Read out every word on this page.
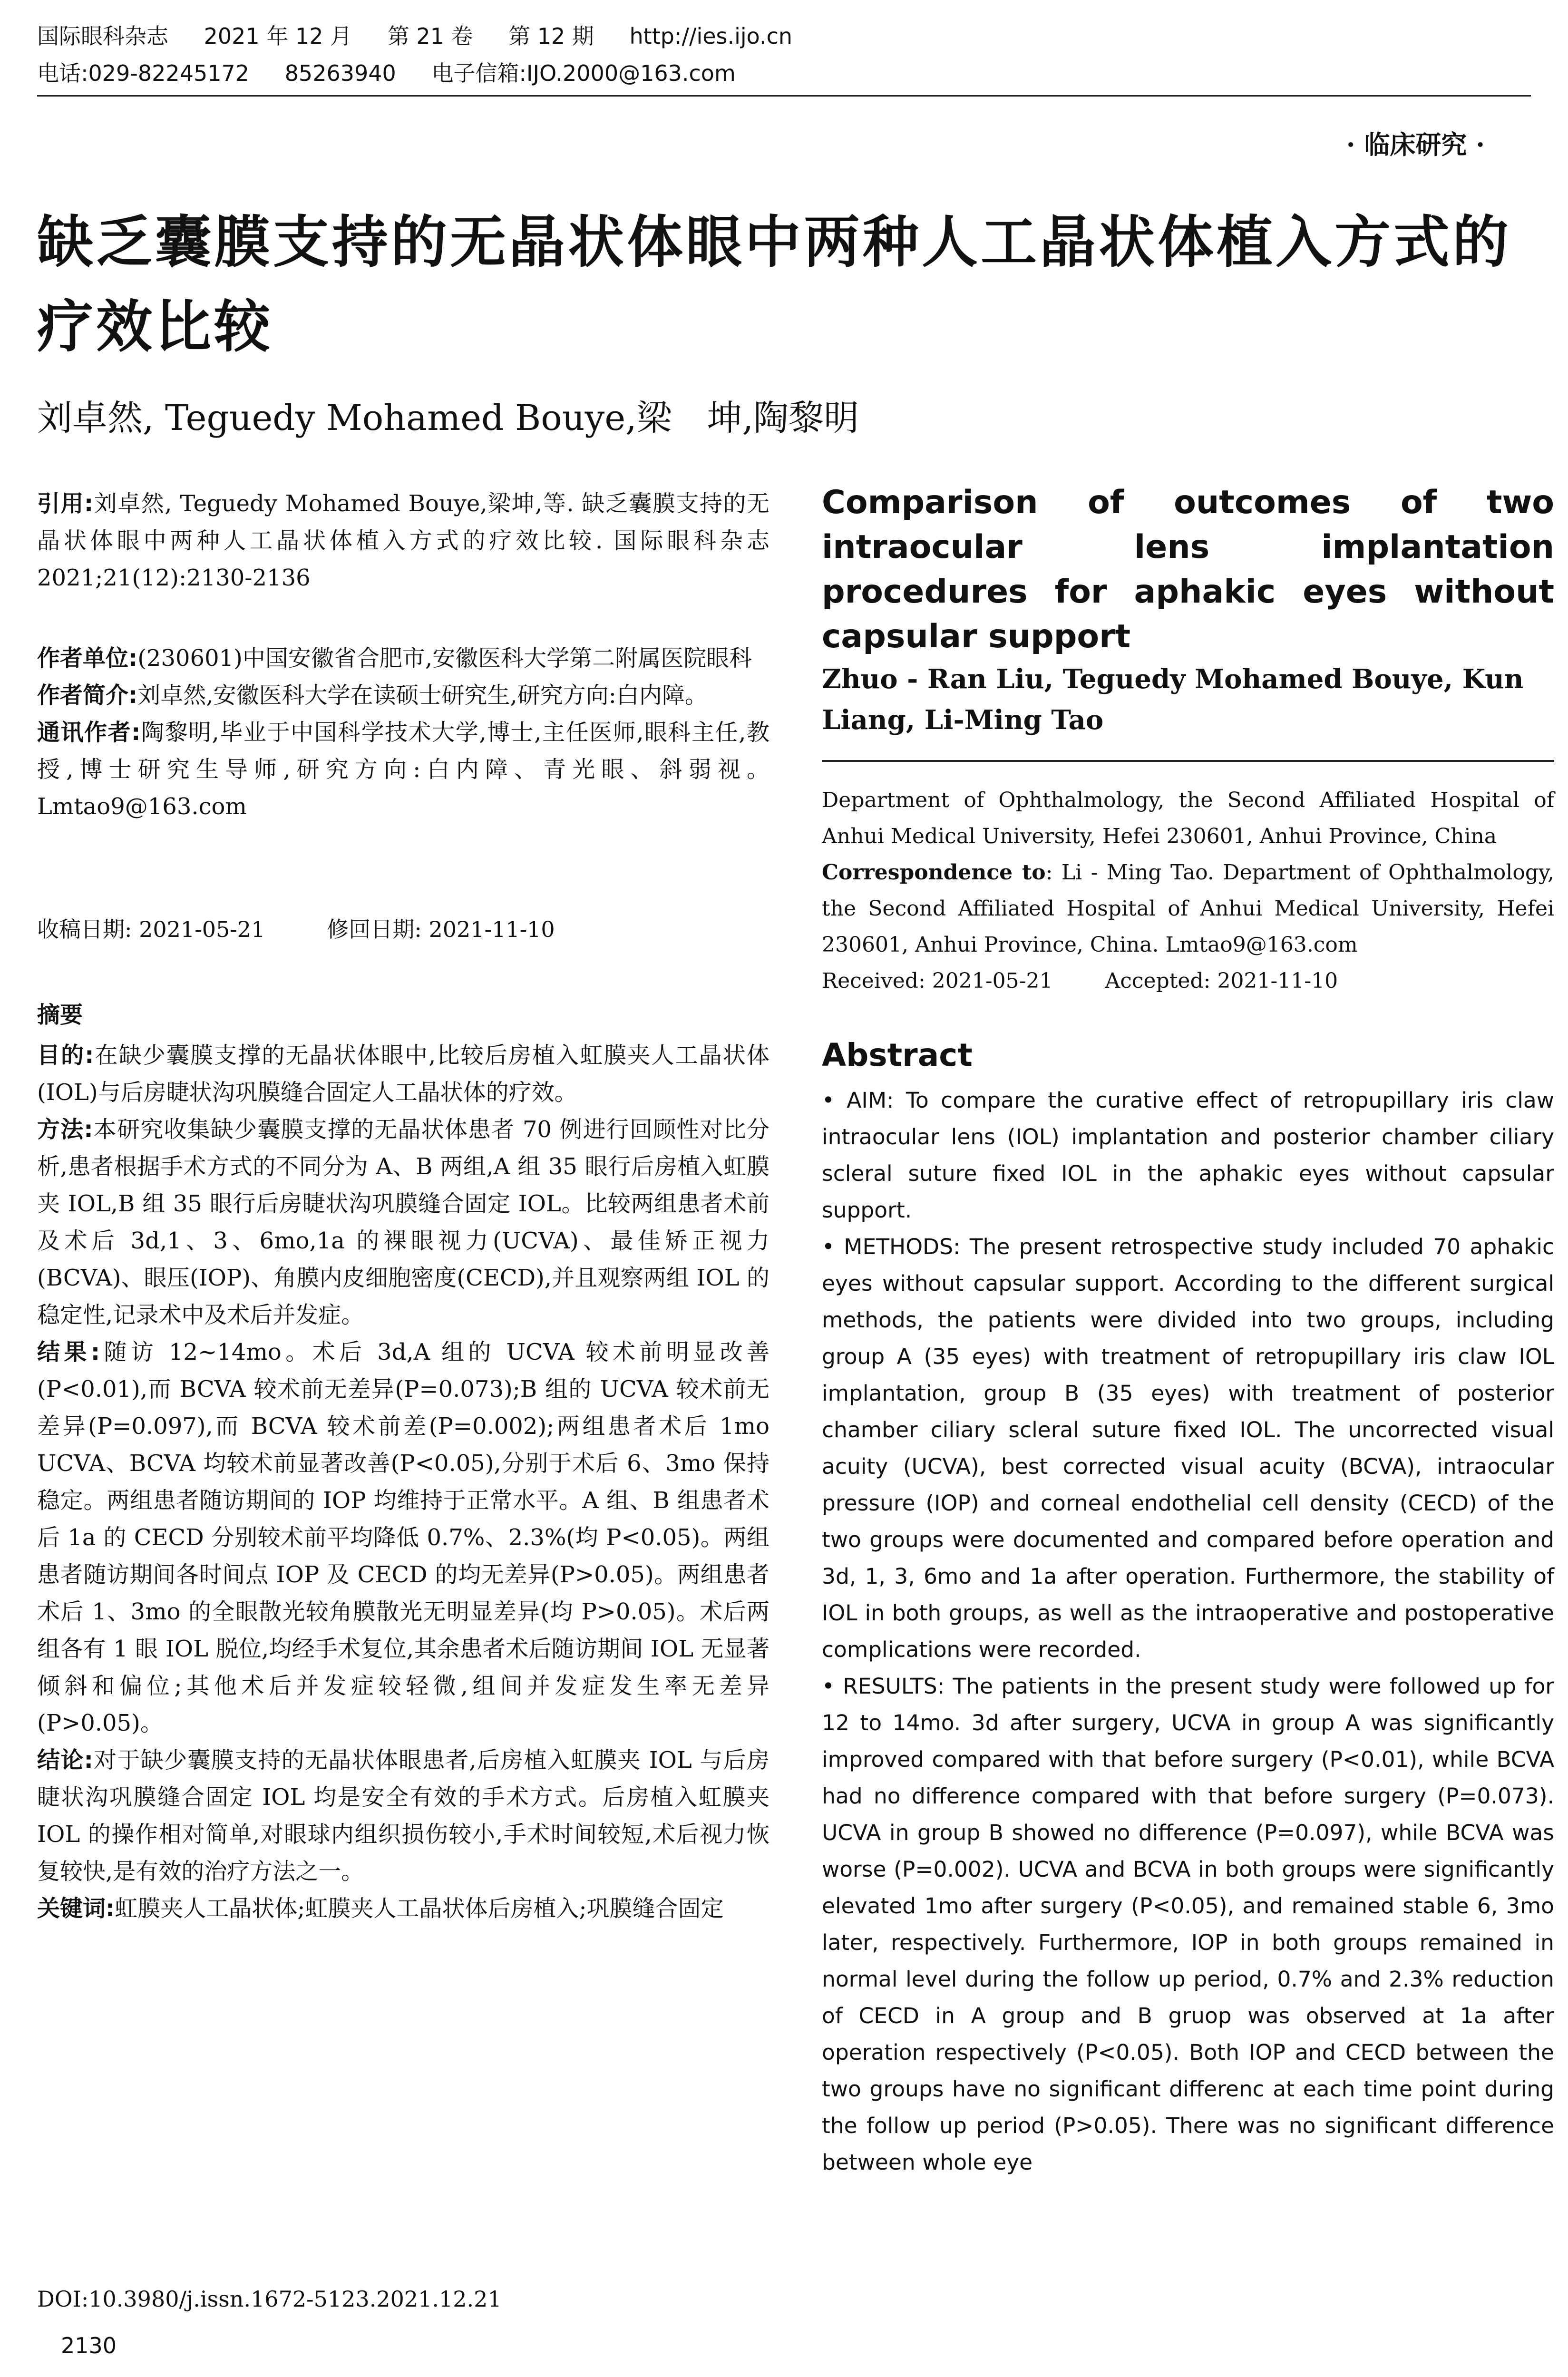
国际眼科杂志 2021 年 12 月 第 21 卷 第 12 期 http://ies.ijo.cn
电话:029-82245172 85263940 电子信箱:IJO.2000@163.com
· 临床研究 ·
缺乏囊膜支持的无晶状体眼中两种人工晶状体植入方式的疗效比较
刘卓然, Teguedy Mohamed Bouye,梁　坤,陶黎明
引用:刘卓然, Teguedy Mohamed Bouye,梁坤,等. 缺乏囊膜支持的无晶状体眼中两种人工晶状体植入方式的疗效比较. 国际眼科杂志 2021;21(12):2130-2136
作者单位:(230601)中国安徽省合肥市,安徽医科大学第二附属医院眼科
作者简介:刘卓然,安徽医科大学在读硕士研究生,研究方向:白内障。
通讯作者:陶黎明,毕业于中国科学技术大学,博士,主任医师,眼科主任,教授,博士研究生导师,研究方向:白内障、青光眼、斜弱视。Lmtao9@163.com
收稿日期: 2021-05-21	修回日期: 2021-11-10
摘要

目的:在缺少囊膜支撑的无晶状体眼中,比较后房植入虹膜夹人工晶状体(IOL)与后房睫状沟巩膜缝合固定人工晶状体的疗效。

方法:本研究收集缺少囊膜支撑的无晶状体患者 70 例进行回顾性对比分析,患者根据手术方式的不同分为 A、B 两组,A 组 35 眼行后房植入虹膜夹 IOL,B 组 35 眼行后房睫状沟巩膜缝合固定 IOL。比较两组患者术前及术后 3d,1、3、6mo,1a 的裸眼视力(UCVA)、最佳矫正视力(BCVA)、眼压(IOP)、角膜内皮细胞密度(CECD),并且观察两组 IOL 的稳定性,记录术中及术后并发症。

结果:随访 12~14mo。术后 3d,A 组的 UCVA 较术前明显改善(P<0.01),而 BCVA 较术前无差异(P=0.073);B 组的 UCVA 较术前无差异(P=0.097),而 BCVA 较术前差(P=0.002);两组患者术后 1mo UCVA、BCVA 均较术前显著改善(P<0.05),分别于术后 6、3mo 保持稳定。两组患者随访期间的 IOP 均维持于正常水平。A 组、B 组患者术后 1a 的 CECD 分别较术前平均降低 0.7%、2.3%(均 P<0.05)。两组患者随访期间各时间点 IOP 及 CECD 的均无差异(P>0.05)。两组患者术后 1、3mo 的全眼散光较角膜散光无明显差异(均 P>0.05)。术后两组各有 1 眼 IOL 脱位,均经手术复位,其余患者术后随访期间 IOL 无显著倾斜和偏位;其他术后并发症较轻微,组间并发症发生率无差异(P>0.05)。

结论:对于缺少囊膜支持的无晶状体眼患者,后房植入虹膜夹 IOL 与后房睫状沟巩膜缝合固定 IOL 均是安全有效的手术方式。后房植入虹膜夹 IOL 的操作相对简单,对眼球内组织损伤较小,手术时间较短,术后视力恢复较快,是有效的治疗方法之一。

关键词:虹膜夹人工晶状体;虹膜夹人工晶状体后房植入;巩膜缝合固定

DOI:10.3980/j.issn.1672-5123.2021.12.21
Comparison of outcomes of two intraocular lens implantation procedures for aphakic eyes without capsular support
Zhuo - Ran Liu, Teguedy Mohamed Bouye, Kun Liang, Li-Ming Tao
Department of Ophthalmology, the Second Affiliated Hospital of Anhui Medical University, Hefei 230601, Anhui Province, China
Correspondence to: Li - Ming Tao. Department of Ophthalmology, the Second Affiliated Hospital of Anhui Medical University, Hefei 230601, Anhui Province, China. Lmtao9@163.com
Received: 2021-05-21	Accepted: 2021-11-10
Abstract

• AIM: To compare the curative effect of retropupillary iris claw intraocular lens (IOL) implantation and posterior chamber ciliary scleral suture fixed IOL in the aphakic eyes without capsular support.

• METHODS: The present retrospective study included 70 aphakic eyes without capsular support. According to the different surgical methods, the patients were divided into two groups, including group A (35 eyes) with treatment of retropupillary iris claw IOL implantation, group B (35 eyes) with treatment of posterior chamber ciliary scleral suture fixed IOL. The uncorrected visual acuity (UCVA), best corrected visual acuity (BCVA), intraocular pressure (IOP) and corneal endothelial cell density (CECD) of the two groups were documented and compared before operation and 3d, 1, 3, 6mo and 1a after operation. Furthermore, the stability of IOL in both groups, as well as the intraoperative and postoperative complications were recorded.

• RESULTS: The patients in the present study were followed up for 12 to 14mo. 3d after surgery, UCVA in group A was significantly improved compared with that before surgery (P<0.01), while BCVA had no difference compared with that before surgery (P=0.073). UCVA in group B showed no difference (P=0.097), while BCVA was worse (P=0.002). UCVA and BCVA in both groups were significantly elevated 1mo after surgery (P<0.05), and remained stable 6, 3mo later, respectively. Furthermore, IOP in both groups remained in normal level during the follow up period, 0.7% and 2.3% reduction of CECD in A group and B gruop was observed at 1a after operation respectively (P<0.05). Both IOP and CECD between the two groups have no significant differenc at each time point during the follow up period (P>0.05). There was no significant difference between whole eye

2130
